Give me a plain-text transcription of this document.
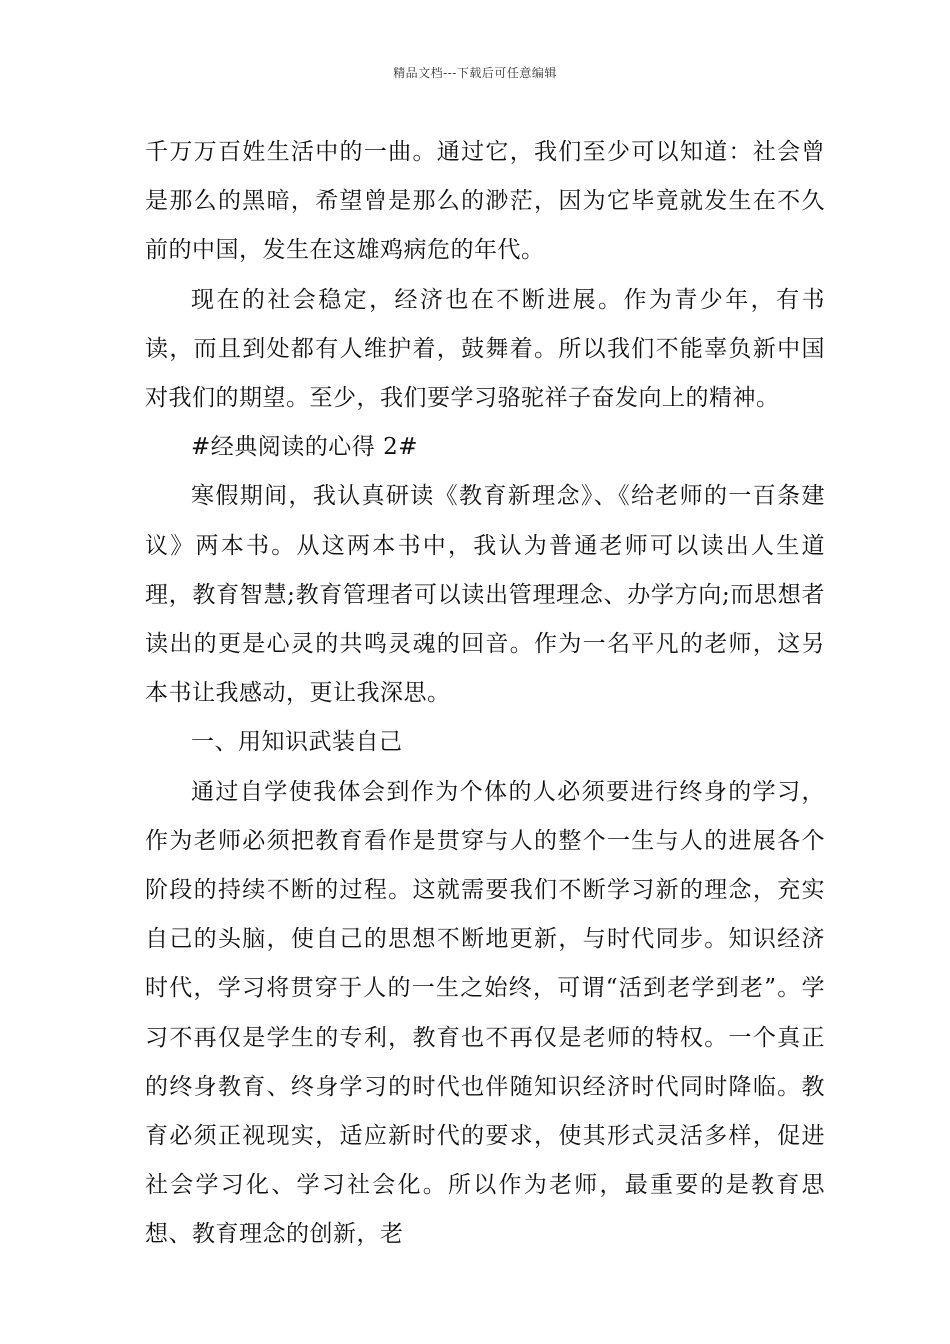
精品文档---下载后可任意编辑

千万万百姓生活中的一曲。通过它，我们至少可以知道：社会曾是那么的黑暗，希望曾是那么的渺茫，因为它毕竟就发生在不久前的中国，发生在这雄鸡病危的年代。

现在的社会稳定，经济也在不断进展。作为青少年，有书读，而且到处都有人维护着，鼓舞着。所以我们不能辜负新中国对我们的期望。至少，我们要学习骆驼祥子奋发向上的精神。

#经典阅读的心得 2#

寒假期间，我认真研读《教育新理念》、《给老师的一百条建议》两本书。从这两本书中，我认为普通老师可以读出人生道理，教育智慧;教育管理者可以读出管理理念、办学方向;而思想者读出的更是心灵的共鸣灵魂的回音。作为一名平凡的老师，这另本书让我感动，更让我深思。

一、用知识武装自己

通过自学使我体会到作为个体的人必须要进行终身的学习，作为老师必须把教育看作是贯穿与人的整个一生与人的进展各个阶段的持续不断的过程。这就需要我们不断学习新的理念，充实自己的头脑，使自己的思想不断地更新，与时代同步。知识经济时代，学习将贯穿于人的一生之始终，可谓“活到老学到老”。学习不再仅是学生的专利，教育也不再仅是老师的特权。一个真正的终身教育、终身学习的时代也伴随知识经济时代同时降临。教育必须正视现实，适应新时代的要求，使其形式灵活多样，促进社会学习化、学习社会化。所以作为老师，最重要的是教育思想、教育理念的创新，老
